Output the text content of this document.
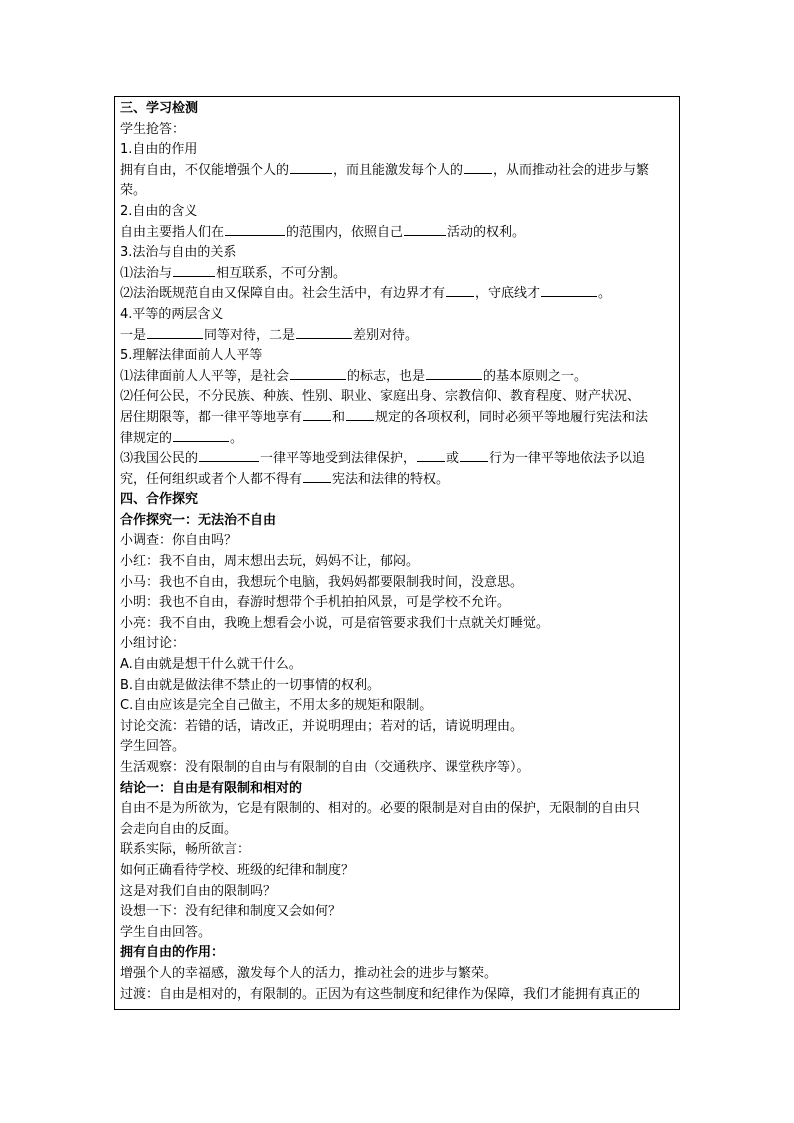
三、学习检测
学生抢答：
1.自由的作用
拥有自由，不仅能增强个人的	，而且能激发每个人的 ，从而推动社会的进步与繁
荣。
2.自由的含义
自由主要指人们在	的范围内，依照自己	活动的权利。
3.法治与自由的关系
⑴法治与	相互联系，不可分割。
⑵法治既规范自由又保障自由。社会生活中，有边界才有 ，守底线才	。
4.平等的两层含义
一是	同等对待，二是	差别对待。
5.理解法律面前人人平等
⑴法律面前人人平等，是社会	的标志，也是	的基本原则之一。
⑵任何公民，不分民族、种族、性别、职业、家庭出身、宗教信仰、教育程度、财产状况、
居住期限等，都一律平等地享有 和 规定的各项权利，同时必须平等地履行宪法和法
律规定的	。
⑶我国公民的	一律平等地受到法律保护， 或 行为一律平等地依法予以追
究，任何组织或者个人都不得有 宪法和法律的特权。
四、合作探究
合作探究一：无法治不自由
小调查：你自由吗？
小红：我不自由，周末想出去玩，妈妈不让，郁闷。
小马：我也不自由，我想玩个电脑，我妈妈都要限制我时间，没意思。
小明：我也不自由，春游时想带个手机拍拍风景，可是学校不允许。
小亮：我不自由，我晚上想看会小说，可是宿管要求我们十点就关灯睡觉。
小组讨论：
A.自由就是想干什么就干什么。
B.自由就是做法律不禁止的一切事情的权利。
C.自由应该是完全自己做主，不用太多的规矩和限制。
讨论交流：若错的话，请改正，并说明理由；若对的话，请说明理由。
学生回答。
生活观察：没有限制的自由与有限制的自由（交通秩序、课堂秩序等）。
结论一：自由是有限制和相对的
自由不是为所欲为，它是有限制的、相对的。必要的限制是对自由的保护，无限制的自由只
会走向自由的反面。
联系实际，畅所欲言：
如何正确看待学校、班级的纪律和制度？
这是对我们自由的限制吗？
设想一下：没有纪律和制度又会如何？
学生自由回答。
拥有自由的作用：
增强个人的幸福感，激发每个人的活力，推动社会的进步与繁荣。
过渡：自由是相对的，有限制的。正因为有这些制度和纪律作为保障，我们才能拥有真正的
